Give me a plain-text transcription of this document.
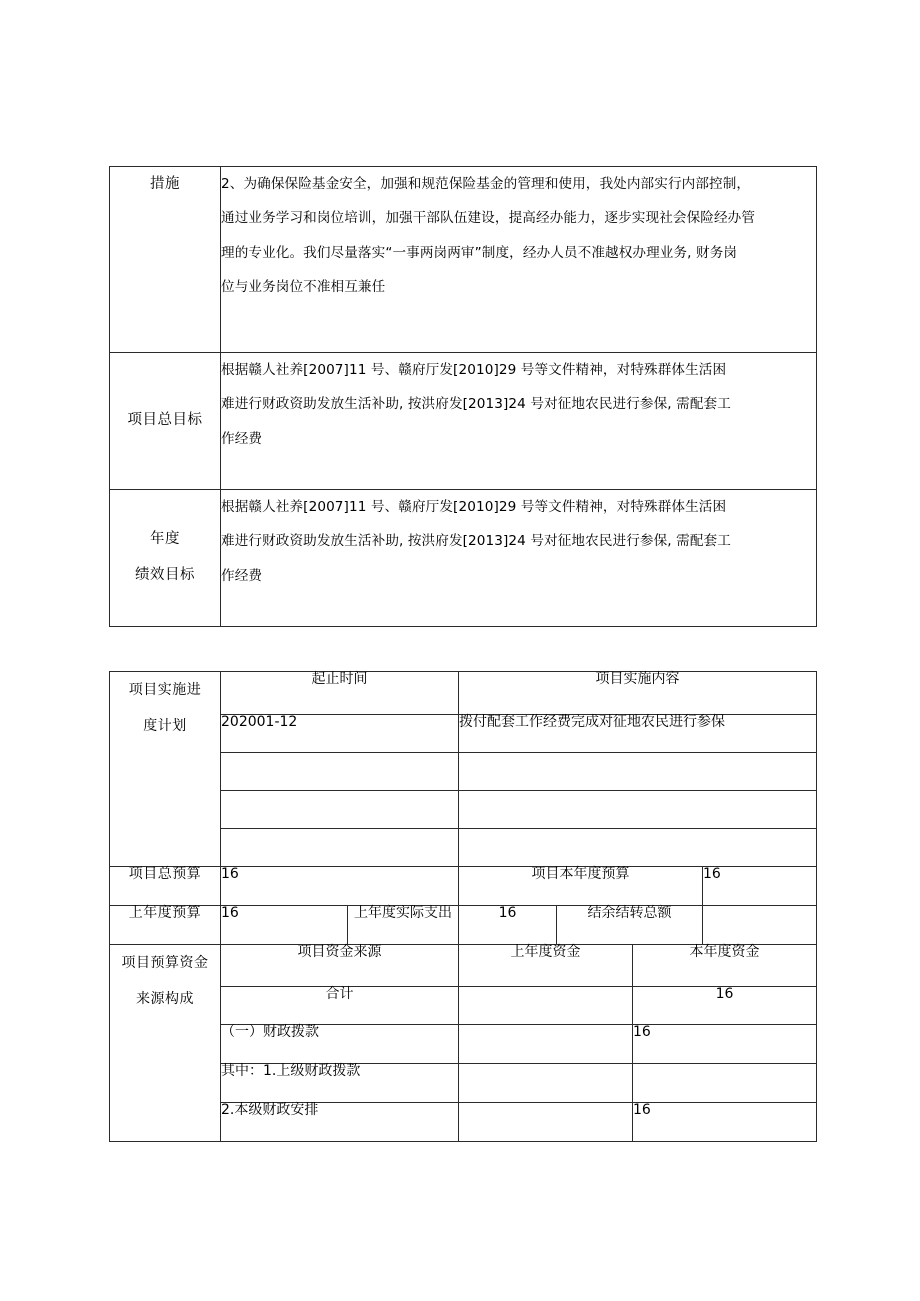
措施	2、为确保保险基金安全，加强和规范保险基金的管理和使用，我处内部实行内部控制，
通过业务学习和岗位培训，加强干部队伍建设，提高经办能力，逐步实现社会保险经办管
理的专业化。我们尽量落实“一事两岗两审”制度，经办人员不准越权办理业务, 财务岗
位与业务岗位不准相互兼任

项目总目标	根据赣人社养[2007]11 号、赣府厅发[2010]29 号等文件精神，对特殊群体生活困
难进行财政资助发放生活补助, 按洪府发[2013]24 号对征地农民进行参保, 需配套工
作经费

年度
绩效目标	根据赣人社养[2007]11 号、赣府厅发[2010]29 号等文件精神，对特殊群体生活困
难进行财政资助发放生活补助, 按洪府发[2013]24 号对征地农民进行参保, 需配套工
作经费
项目实施进
度计划	起止时间		项目实施内容			
	202001-12		拨付配套工作经费完成对征地农民进行参保			

项目总预算	16		项目本年度预算			16
上年度预算	16	上年度实际支出	16	结余结转总额		

项目预算资金
来源构成	项目资金来源		上年度资金		本年度资金	
	合计				16	
	（一）财政拨款				16	
	其中：1.上级财政拨款					
	2.本级财政安排				16	
